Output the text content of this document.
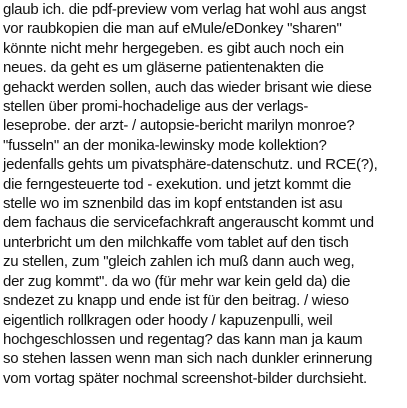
glaub ich. die pdf-preview vom verlag hat wohl aus angst
vor raubkopien die man auf eMule/eDonkey "sharen"
könnte nicht mehr hergegeben. es gibt auch noch ein
neues. da geht es um gläserne patientenakten die
gehackt werden sollen, auch das wieder brisant wie diese
stellen über promi-hochadelige aus der verlags-
leseprobe. der arzt- / autopsie-bericht marilyn monroe?
"fusseln" an der monika-lewinsky mode kollektion?
jedenfalls gehts um pivatsphäre-datenschutz. und RCE(?),
die ferngesteuerte tod - exekution. und jetzt kommt die
stelle wo im sznenbild das im kopf entstanden ist asu
dem fachaus die servicefachkraft angerauscht kommt und
unterbricht um den milchkaffe vom tablet auf den tisch
zu stellen, zum "gleich zahlen ich muß dann auch weg,
der zug kommt". da wo (für mehr war kein geld da) die
sndezet zu knapp und ende ist für den beitrag. / wieso
eigentlich rollkragen oder hoody / kapuzenpulli, weil
hochgeschlossen und regentag? das kann man ja kaum
so stehen lassen wenn man sich nach dunkler erinnerung
vom vortag später nochmal screenshot-bilder durchsieht.
